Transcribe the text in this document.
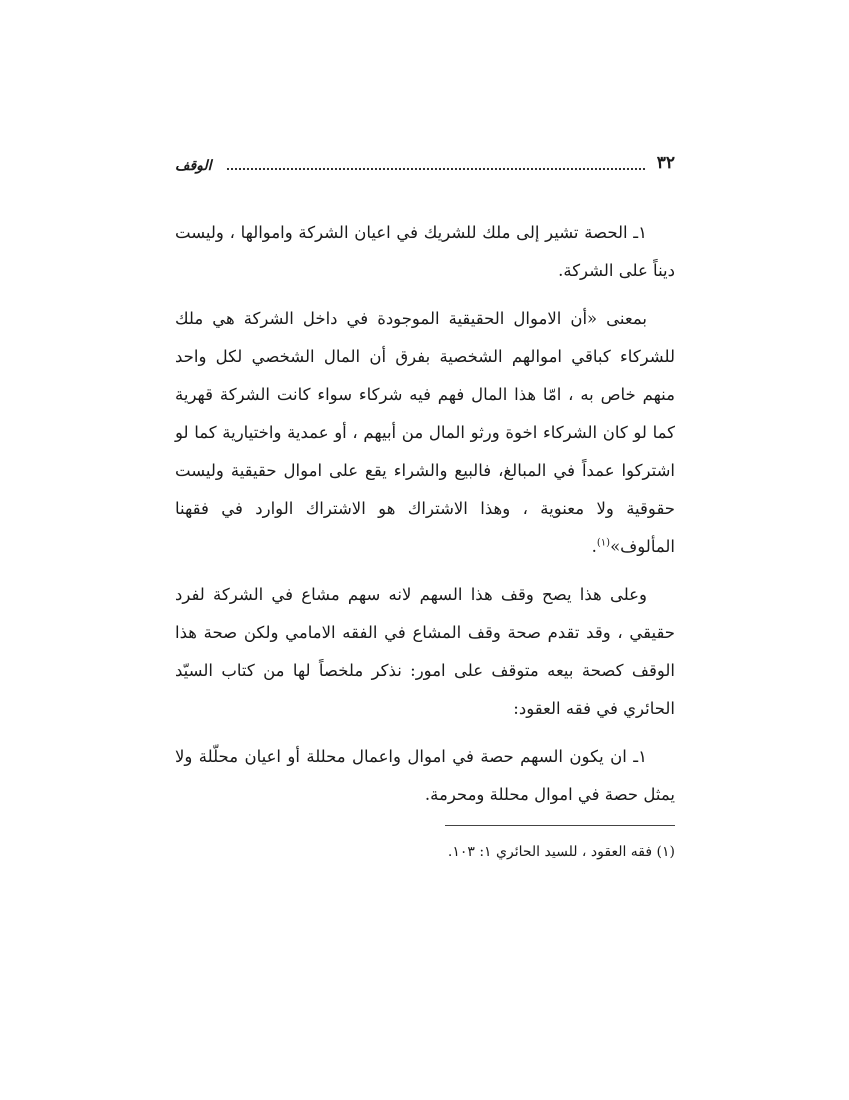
٣٢
الوقف

١ـ الحصة تشير إلى ملك للشريك في اعيان الشركة واموالها ، وليست ديناً على الشركة.

بمعنى «أن الاموال الحقيقية الموجودة في داخل الشركة هي ملك للشركاء كباقي اموالهم الشخصية بفرق أن المال الشخصي لكل واحد منهم خاص به ، امّا هذا المال فهم فيه شركاء سواء كانت الشركة قهرية كما لو كان الشركاء اخوة ورثو المال من أبيهم ، أو عمدية واختيارية كما لو اشتركوا عمداً في المبالغ، فالبيع والشراء يقع على اموال حقيقية وليست حقوقية ولا معنوية ، وهذا الاشتراك هو الاشتراك الوارد في فقهنا المألوف»$^{(١)}$.

وعلى هذا يصح وقف هذا السهم لانه سهم مشاع في الشركة لفرد حقيقي ، وقد تقدم صحة وقف المشاع في الفقه الامامي ولكن صحة هذا الوقف كصحة بيعه متوقف على امور: نذكر ملخصاً لها من كتاب السيّد الحائري في فقه العقود:

١ـ ان يكون السهم حصة في اموال واعمال محللة أو اعيان محلّلة ولا يمثل حصة في اموال محللة ومحرمة.

(١) فقه العقود ، للسيد الحائري ١: ١٠٣.
